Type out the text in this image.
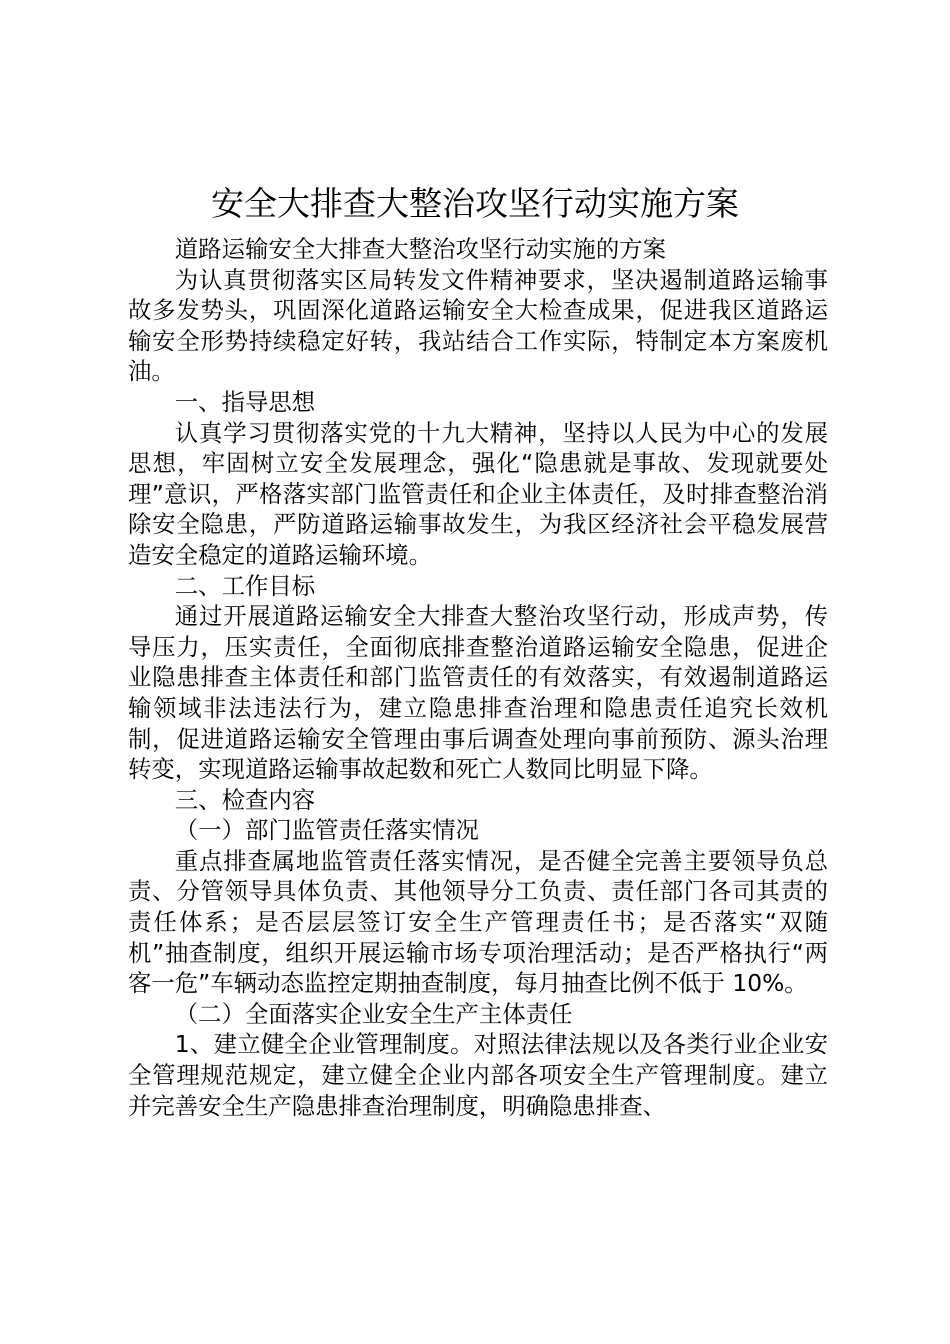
安全大排查大整治攻坚行动实施方案

道路运输安全大排查大整治攻坚行动实施的方案

为认真贯彻落实区局转发文件精神要求，坚决遏制道路运输事故多发势头，巩固深化道路运输安全大检查成果，促进我区道路运输安全形势持续稳定好转，我站结合工作实际，特制定本方案废机油。

一、指导思想

认真学习贯彻落实党的十九大精神，坚持以人民为中心的发展思想，牢固树立安全发展理念，强化“隐患就是事故、发现就要处理”意识，严格落实部门监管责任和企业主体责任，及时排查整治消除安全隐患，严防道路运输事故发生，为我区经济社会平稳发展营造安全稳定的道路运输环境。

二、工作目标

通过开展道路运输安全大排查大整治攻坚行动，形成声势，传导压力，压实责任，全面彻底排查整治道路运输安全隐患，促进企业隐患排查主体责任和部门监管责任的有效落实，有效遏制道路运输领域非法违法行为，建立隐患排查治理和隐患责任追究长效机制，促进道路运输安全管理由事后调查处理向事前预防、源头治理转变，实现道路运输事故起数和死亡人数同比明显下降。

三、检查内容

（一）部门监管责任落实情况

重点排查属地监管责任落实情况，是否健全完善主要领导负总责、分管领导具体负责、其他领导分工负责、责任部门各司其责的责任体系；是否层层签订安全生产管理责任书；是否落实“双随机”抽查制度，组织开展运输市场专项治理活动；是否严格执行“两客一危”车辆动态监控定期抽查制度，每月抽查比例不低于 10%。

（二）全面落实企业安全生产主体责任

1、建立健全企业管理制度。对照法律法规以及各类行业企业安全管理规范规定，建立健全企业内部各项安全生产管理制度。建立并完善安全生产隐患排查治理制度，明确隐患排查、
